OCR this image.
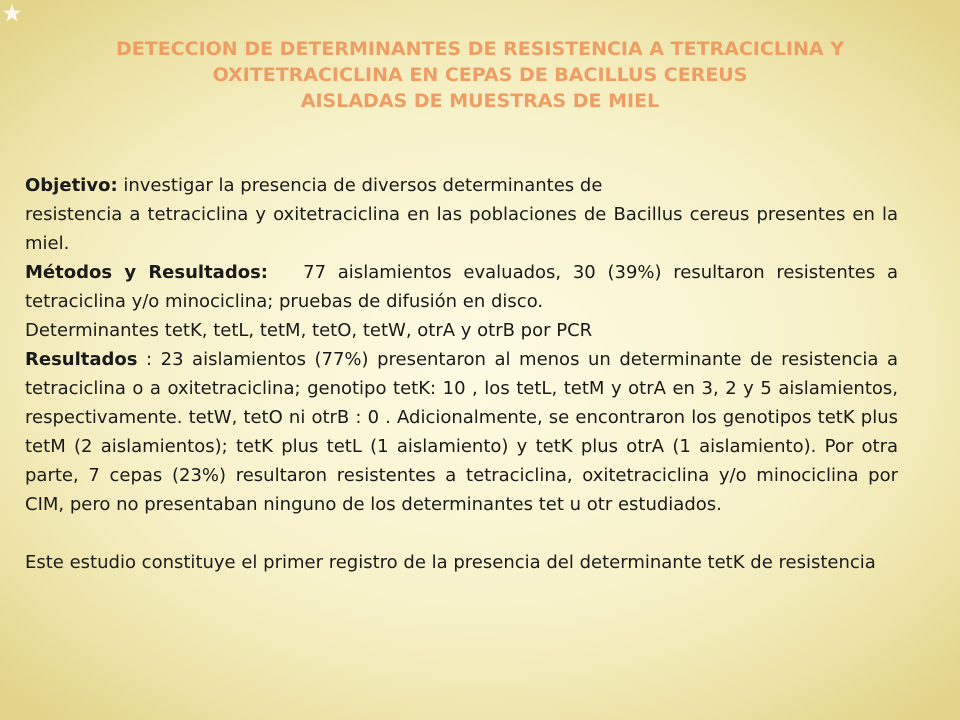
DETECCION DE DETERMINANTES DE RESISTENCIA A TETRACICLINA Y
OXITETRACICLINA EN CEPAS DE BACILLUS CEREUS
AISLADAS DE MUESTRAS DE MIEL

Objetivo: investigar la presencia de diversos determinantes de

resistencia a tetraciclina y oxitetraciclina en las poblaciones de Bacillus cereus presentes en la miel.

Métodos y Resultados: 77 aislamientos evaluados, 30 (39%) resultaron resistentes a tetraciclina y/o minociclina; pruebas de difusión en disco.

Determinantes tetK, tetL, tetM, tetO, tetW, otrA y otrB por PCR

Resultados : 23 aislamientos (77%) presentaron al menos un determinante de resistencia a tetraciclina o a oxitetraciclina; genotipo tetK: 10 , los tetL, tetM y otrA en 3, 2 y 5 aislamientos, respectivamente. tetW, tetO ni otrB : 0 . Adicionalmente, se encontraron los genotipos tetK plus tetM (2 aislamientos); tetK plus tetL (1 aislamiento) y tetK plus otrA (1 aislamiento). Por otra parte, 7 cepas (23%) resultaron resistentes a tetraciclina, oxitetraciclina y/o minociclina por CIM, pero no presentaban ninguno de los determinantes tet u otr estudiados.

Este estudio constituye el primer registro de la presencia del determinante tetK de resistencia
